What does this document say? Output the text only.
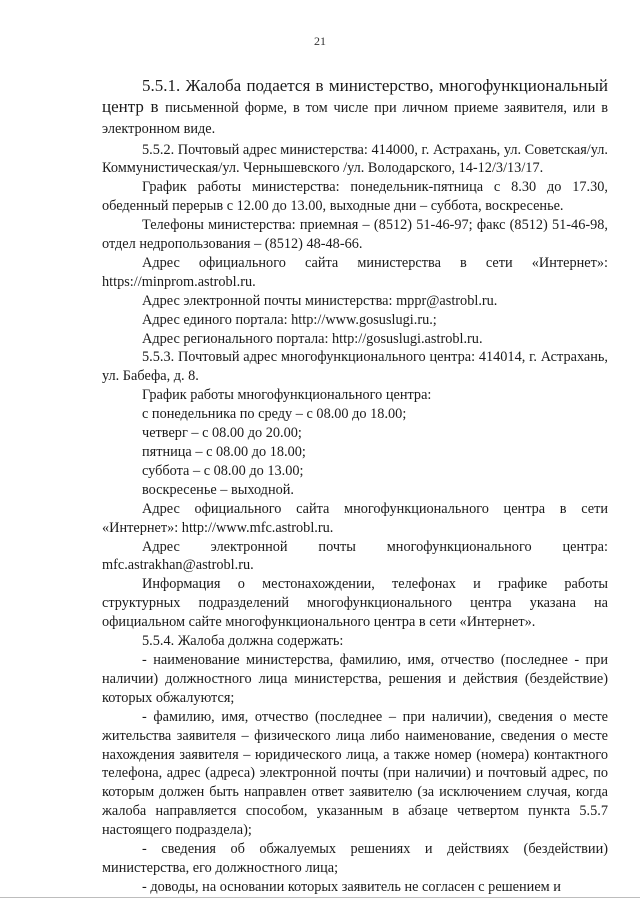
21

5.5.1. Жалоба подается в министерство, многофункциональный центр в письменной форме, в том числе при личном приеме заявителя, или в электронном виде.

5.5.2. Почтовый адрес министерства: 414000, г. Астрахань, ул. Советская/ул. Коммунистическая/ул. Чернышевского /ул. Володарского, 14-12/3/13/17.

График работы министерства: понедельник-пятница с 8.30 до 17.30, обеденный перерыв с 12.00 до 13.00, выходные дни – суббота, воскресенье.

Телефоны министерства: приемная – (8512) 51-46-97; факс (8512) 51-46-98, отдел недропользования – (8512) 48-48-66.

Адрес официального сайта министерства в сети «Интернет»: https://minprom.astrobl.ru.

Адрес электронной почты министерства: mppr@astrobl.ru.

Адрес единого портала: http://www.gosuslugi.ru.;

Адрес регионального портала: http://gosuslugi.astrobl.ru.

5.5.3. Почтовый адрес многофункционального центра: 414014, г. Астрахань, ул. Бабефа, д. 8.

График работы многофункционального центра:

с понедельника по среду – с 08.00 до 18.00;

четверг – с 08.00 до 20.00;

пятница – с 08.00 до 18.00;

суббота – с 08.00 до 13.00;

воскресенье – выходной.

Адрес официального сайта многофункционального центра в сети «Интернет»: http://www.mfc.astrobl.ru.

Адрес электронной почты многофункционального центра: mfc.astrakhan@astrobl.ru.

Информация о местонахождении, телефонах и графике работы структурных подразделений многофункционального центра указана на официальном сайте многофункционального центра в сети «Интернет».

5.5.4. Жалоба должна содержать:

- наименование министерства, фамилию, имя, отчество (последнее - при наличии) должностного лица министерства, решения и действия (бездействие) которых обжалуются;

- фамилию, имя, отчество (последнее – при наличии), сведения о месте жительства заявителя – физического лица либо наименование, сведения о месте нахождения заявителя – юридического лица, а также номер (номера) контактного телефона, адрес (адреса) электронной почты (при наличии) и почтовый адрес, по которым должен быть направлен ответ заявителю (за исключением случая, когда жалоба направляется способом, указанным в абзаце четвертом пункта 5.5.7 настоящего подраздела);

- сведения об обжалуемых решениях и действиях (бездействии) министерства, его должностного лица;

- доводы, на основании которых заявитель не согласен с решением и
